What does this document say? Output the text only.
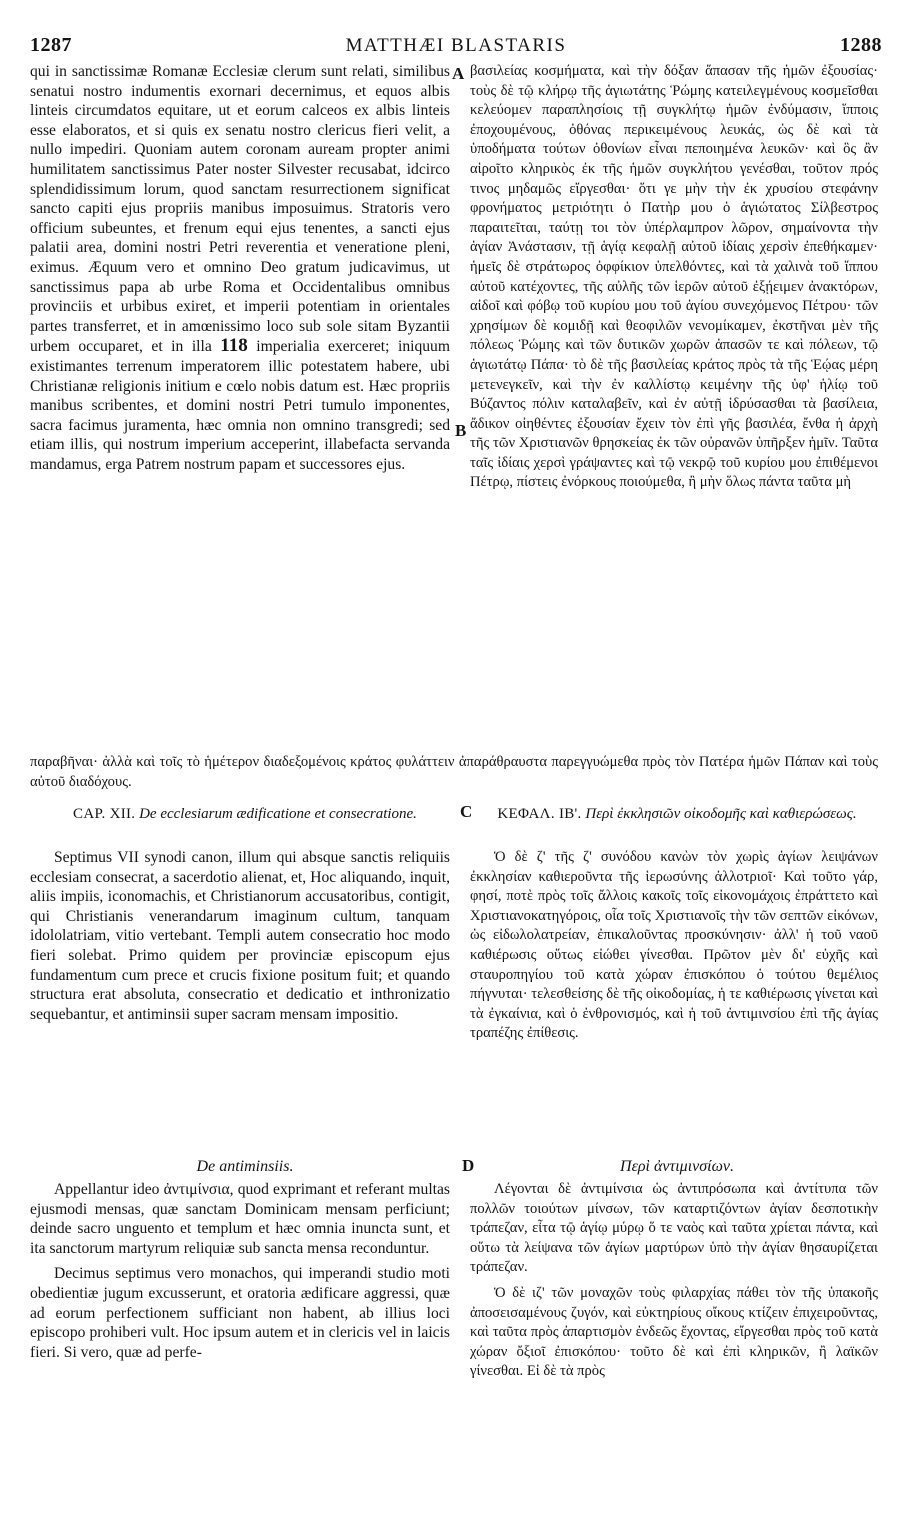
1287	MATTHÆI BLASTARIS	1288
qui in sanctissimæ Romanæ Ecclesiæ clerum sunt relati, similibus senatui nostro indumentis exornari decernimus, et equos albis linteis circumdatos equitare, ut et eorum calceos ex albis linteis esse elaboratos, et si quis ex senatu nostro clericus fieri velit, a nullo impediri. Quoniam autem coronam auream propter animi humilitatem sanctissimus Pater noster Silvester recusabat, idcirco splendidissimum lorum, quod sanctam resurrectionem significat sancto capiti ejus propriis manibus imposuimus. Stratoris vero officium subeuntes, et frenum equi ejus tenentes, a sancti ejus palatii area, domini nostri Petri reverentia et veneratione pleni, eximus. Æquum vero et omnino Deo gratum judicavimus, ut sanctissimus papa ab urbe Roma et Occidentalibus omnibus provinciis et urbibus exiret, et imperii potentiam in orientales partes transferret, et in amœnissimo loco sub sole sitam Byzantii urbem occuparet, et in illa 118 imperialia exerceret; iniquum existimantes terrenum imperatorem illic potestatem habere, ubi Christianæ religionis initium e cœlo nobis datum est. Hæc propriis manibus scribentes, et domini nostri Petri tumulo imponentes, sacra facimus juramenta, hæc omnia non omnino transgredi; sed etiam illis, qui nostrum imperium acceperint, illabefacta servanda mandamus, erga Patrem nostrum papam et successores ejus.
βασιλείας κοσμήματα, καὶ τὴν δόξαν ἅπασαν τῆς ἡμῶν ἐξουσίας· τοὺς δὲ τῷ κλήρῳ τῆς ἁγιωτάτης Ῥώμης κατειλεγμένους κοσμεῖσθαι κελεύομεν παραπλησίοις τῇ συγκλήτῳ ἡμῶν ἐνδύμασιν, ἵπποις ἐποχουμένους, ὀθόνας περικειμένους λευκάς, ὡς δὲ καὶ τὰ ὑποδήματα τούτων ὀθονίων εἶναι πεποιημένα λευκῶν· καὶ ὃς ἂν αἱροῖτο κληρικὸς ἐκ τῆς ἡμῶν συγκλήτου γενέσθαι, τοῦτον πρός τινος μηδαμῶς εἴργεσθαι· ὅτι γε μὴν τὴν ἐκ χρυσίου στεφάνην φρονήματος μετριότητι ὁ Πατὴρ μου ὁ ἁγιώτατος Σίλβεστρος παραιτεῖται, ταύτῃ τοι τὸν ὑπέρλαμπρον λῶρον, σημαίνοντα τὴν ἁγίαν Ἀνάστασιν, τῇ ἁγίᾳ κεφαλῇ αὐτοῦ ἰδίαις χερσὶν ἐπεθήκαμεν· ἡμεῖς δὲ στράτωρος ὀφφίκιον ὑπελθόντες, καὶ τὰ χαλινὰ τοῦ ἵππου αὐτοῦ κατέχοντες, τῆς αὐλῆς τῶν ἱερῶν αὐτοῦ ἐξῄειμεν ἀνακτόρων, αἰδοῖ καὶ φόβῳ τοῦ κυρίου μου τοῦ ἁγίου συνεχόμενος Πέτρου· τῶν χρησίμων δὲ κομιδῇ καὶ θεοφιλῶν νενομίκαμεν, ἐκστῆναι μὲν τῆς πόλεως Ῥώμης καὶ τῶν δυτικῶν χωρῶν ἁπασῶν τε καὶ πόλεων, τῷ ἁγιωτάτῳ Πάπα· τὸ δὲ τῆς βασιλείας κράτος πρὸς τὰ τῆς Ἑῴας μέρη μετενεγκεῖν, καὶ τὴν ἐν καλλίστῳ κειμένην τῆς ὑφ' ἡλίῳ τοῦ Βύζαντος πόλιν καταλαβεῖν, καὶ ἐν αὐτῇ ἱδρύσασθαι τὰ βασίλεια, ἄδικον οἰηθέντες ἐξουσίαν ἔχειν τὸν ἐπὶ γῆς βασιλέα, ἔνθα ἡ ἀρχὴ τῆς τῶν Χριστιανῶν θρησκείας ἐκ τῶν οὐρανῶν ὑπῆρξεν ἡμῖν. Ταῦτα ταῖς ἰδίαις χερσὶ γράψαντες καὶ τῷ νεκρῷ τοῦ κυρίου μου ἐπιθέμενοι Πέτρῳ, πίστεις ἐνόρκους ποιούμεθα, ἢ μὴν ὅλως πάντα ταῦτα μὴ
A
B
παραβῆναι· ἀλλὰ καὶ τοῖς τὸ ἡμέτερον διαδεξομένοις κράτος φυλάττειν ἀπαράθραυστα παρεγγυώμεθα πρὸς τὸν Πατέρα ἡμῶν Πάπαν καὶ τοὺς αὐτοῦ διαδόχους.
CAP. XII. De ecclesiarum ædificatione et consecratione.	C	ΚΕΦΑΛ. ΙΒ'. Περὶ ἐκκλησιῶν οἰκοδομῆς καὶ καθιερώσεως.

Septimus VII synodi canon, illum qui absque sanctis reliquiis ecclesiam consecrat, a sacerdotio alienat, et, Hoc aliquando, inquit, aliis impiis, iconomachis, et Christianorum accusatoribus, contigit, qui Christianis venerandarum imaginum cultum, tanquam idololatriam, vitio vertebant. Templi autem consecratio hoc modo fieri solebat. Primo quidem per provinciæ episcopum ejus fundamentum cum prece et crucis fixione positum fuit; et quando structura erat absoluta, consecratio et dedicatio et inthronizatio sequebantur, et antiminsii super sacram mensam impositio.

De antiminsiis.

Appellantur ideo ἀντιμίνσια, quod exprimant et referant multas ejusmodi mensas, quæ sanctam Dominicam mensam perficiunt; deinde sacro unguento et templum et hæc omnia inuncta sunt, et ita sanctorum martyrum reliquiæ sub sancta mensa reconduntur.

Decimus septimus vero monachos, qui imperandi studio moti obedientiæ jugum excusserunt, et oratoria ædificare aggressi, quæ ad eorum perfectionem sufficiant non habent, ab illius loci episcopo prohiberi vult. Hoc ipsum autem et in clericis vel in laicis fieri. Si vero, quæ ad perfe-

Ὁ δὲ ζ' τῆς ζ' συνόδου κανὼν τὸν χωρὶς ἁγίων λειψάνων ἐκκλησίαν καθιεροῦντα τῆς ἱερωσύνης ἀλλοτριοῖ· Καὶ τοῦτο γάρ, φησί, ποτὲ πρὸς τοῖς ἄλλοις κακοῖς τοῖς εἰκονομάχοις ἐπράττετο καὶ Χριστιανοκατηγόροις, οἷα τοῖς Χριστιανοῖς τὴν τῶν σεπτῶν εἰκόνων, ὡς εἰδωλολατρείαν, ἐπικαλοῦντας προσκύνησιν· ἀλλ' ἡ τοῦ ναοῦ καθιέρωσις οὕτως εἰώθει γίνεσθαι. Πρῶτον μὲν δι' εὐχῆς καὶ σταυροπηγίου τοῦ κατὰ χώραν ἐπισκόπου ὁ τούτου θεμέλιος πήγνυται· τελεσθείσης δὲ τῆς οἰκοδομίας, ἡ τε καθιέρωσις γίνεται καὶ τὰ ἐγκαίνια, καὶ ὁ ἐνθρονισμός, καὶ ἡ τοῦ ἀντιμινσίου ἐπὶ τῆς ἁγίας τραπέζης ἐπίθεσις.

D	Περὶ ἀντιμινσίων.

Λέγονται δὲ ἀντιμίνσια ὡς ἀντιπρόσωπα καὶ ἀντίτυπα τῶν πολλῶν τοιούτων μίνσων, τῶν καταρτιζόντων ἁγίαν δεσποτικὴν τράπεζαν, εἶτα τῷ ἁγίῳ μύρῳ ὅ τε ναὸς καὶ ταῦτα χρίεται πάντα, καὶ οὕτω τὰ λείψανα τῶν ἁγίων μαρτύρων ὑπὸ τὴν ἁγίαν θησαυρίζεται τράπεζαν.

Ὁ δὲ ιζ' τῶν μοναχῶν τοὺς φιλαρχίας πάθει τὸν τῆς ὑπακοῆς ἀποσεισαμένους ζυγόν, καὶ εὐκτηρίους οἴκους κτίζειν ἐπιχειροῦντας, καὶ ταῦτα πρὸς ἀπαρτισμὸν ἐνδεῶς ἔχοντας, εἴργεσθαι πρὸς τοῦ κατὰ χώραν ὄξιοῖ ἐπισκόπου· τοῦτο δὲ καὶ ἐπὶ κληρικῶν, ἢ λαϊκῶν γίνεσθαι. Εἰ δὲ τὰ πρὸς
